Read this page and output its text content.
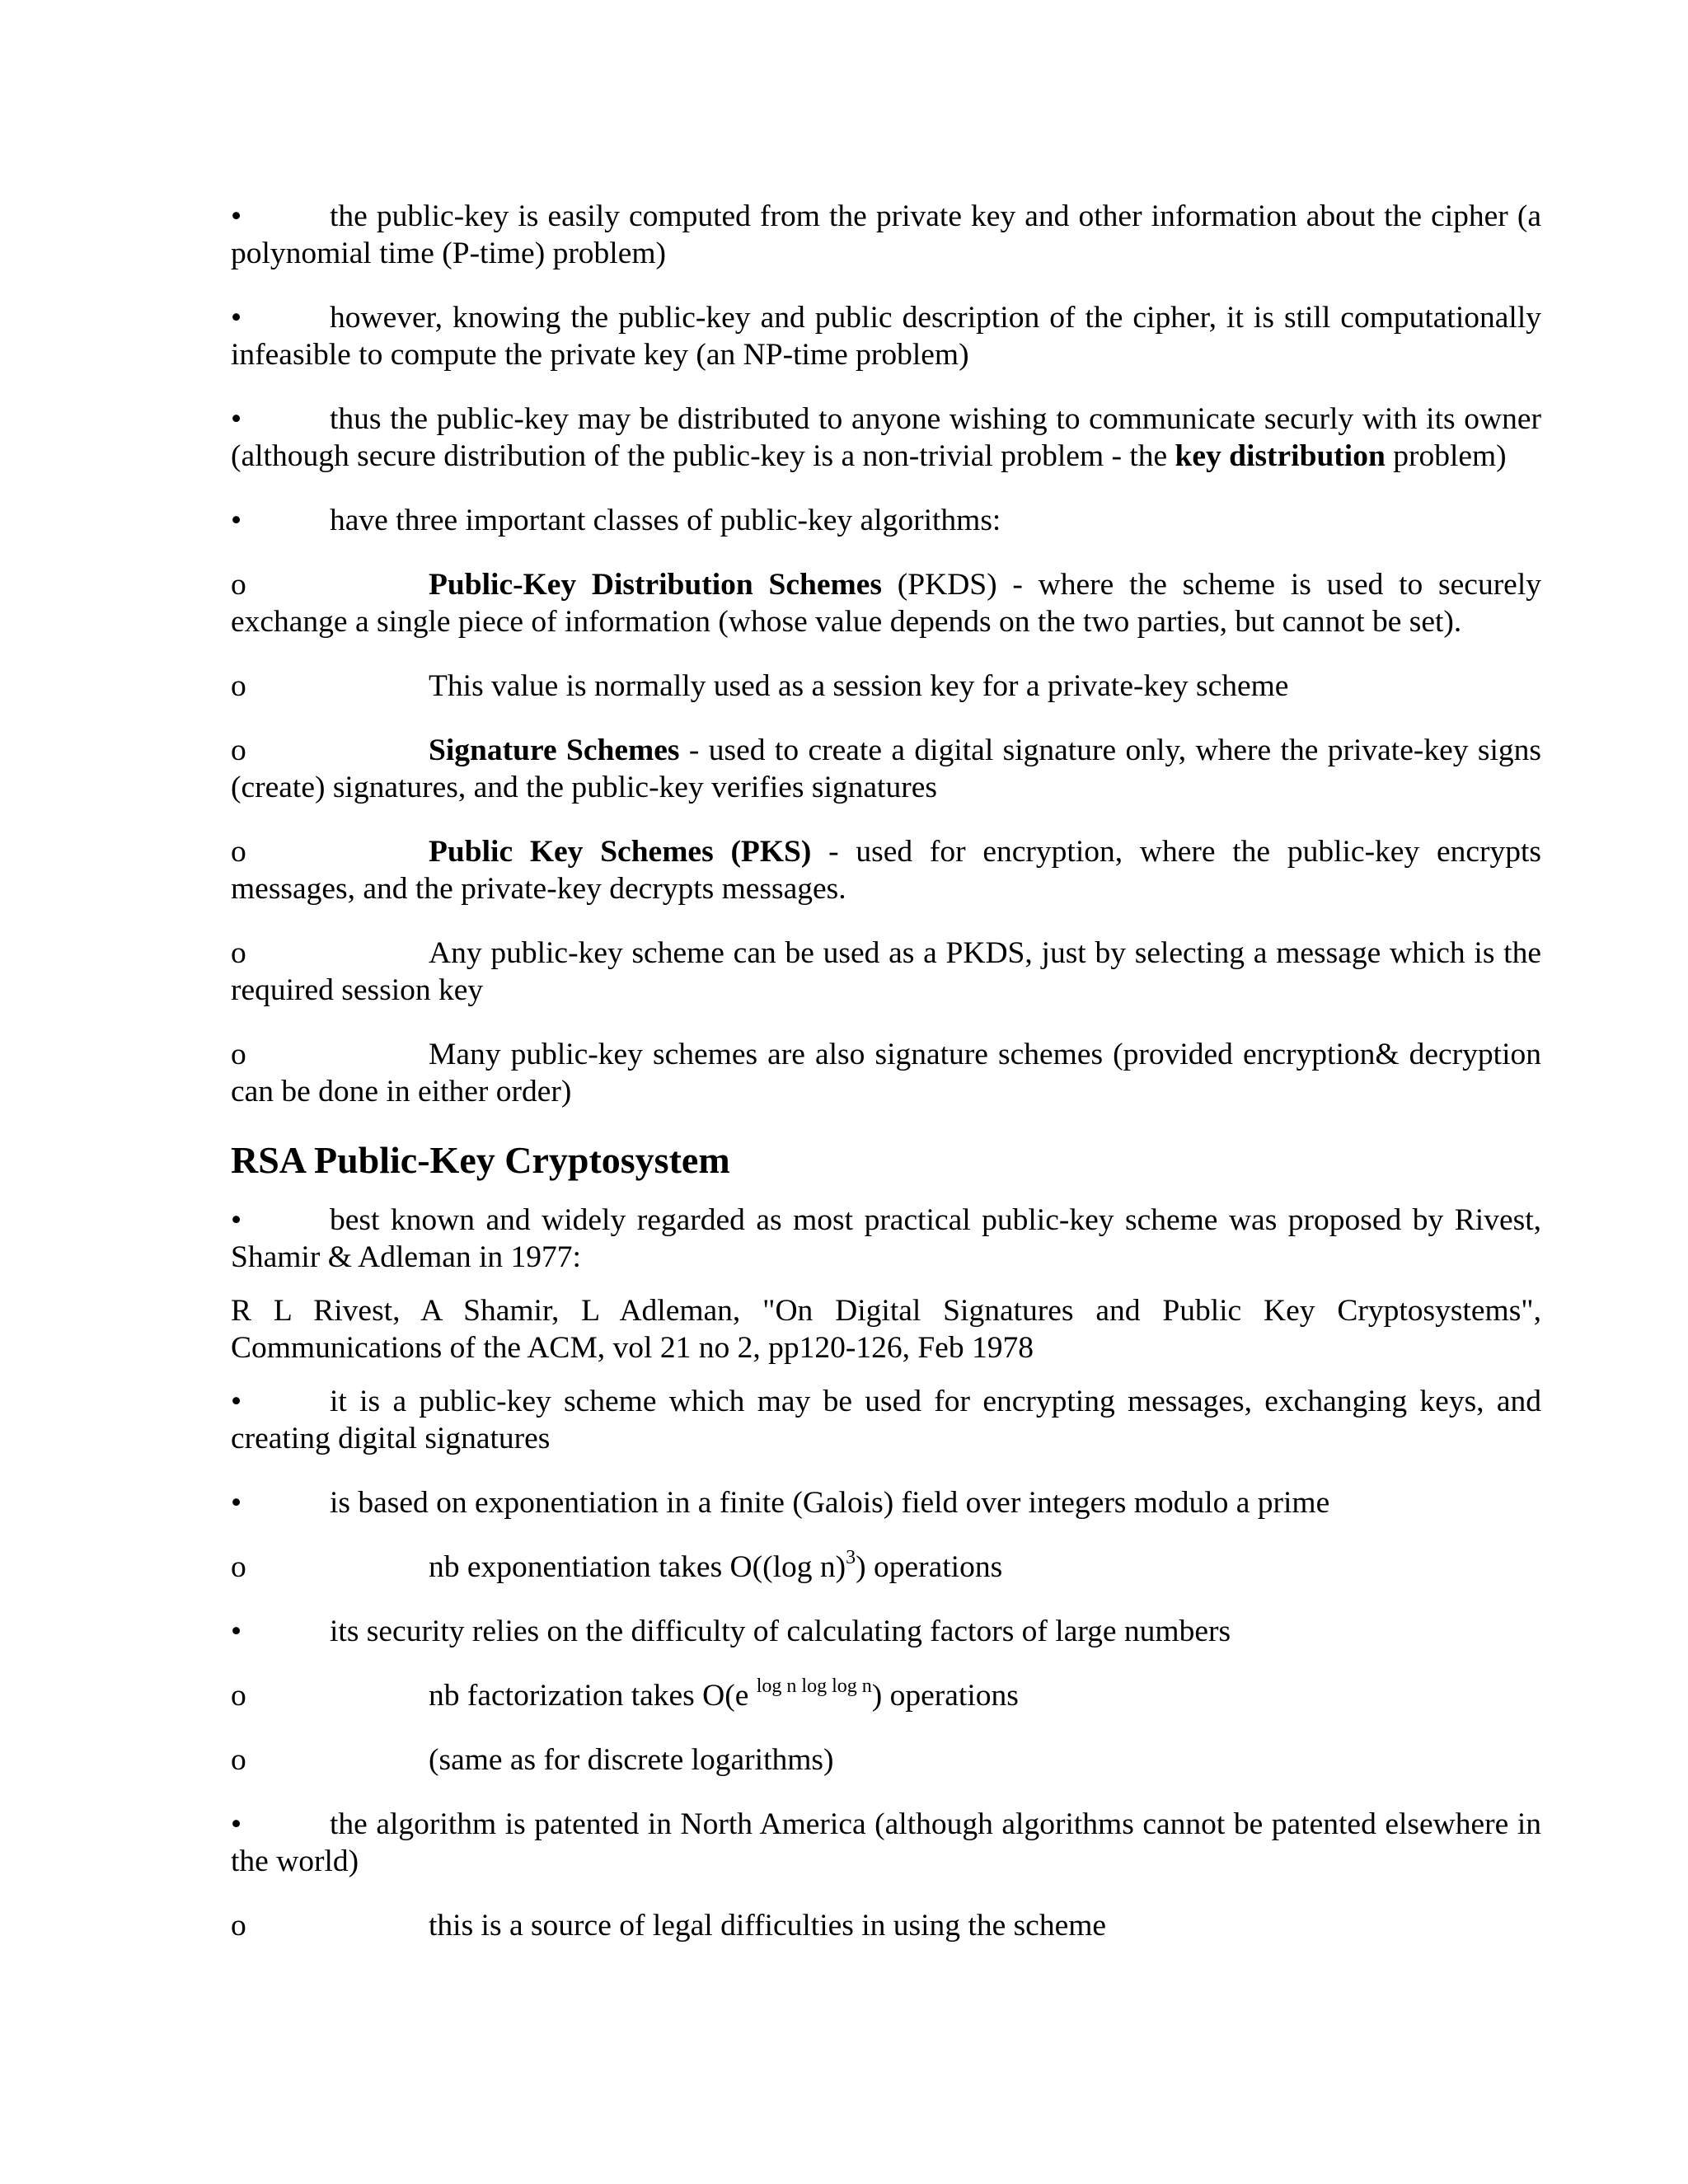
•	the public-key is easily computed from the private key and other information about the cipher (a polynomial time (P-time) problem)

•	however, knowing the public-key and public description of the cipher, it is still computationally infeasible to compute the private key (an NP-time problem)

•	thus the public-key may be distributed to anyone wishing to communicate securly with its owner (although secure distribution of the public-key is a non-trivial problem - the key distribution problem)

•	have three important classes of public-key algorithms:

o	Public-Key Distribution Schemes (PKDS) - where the scheme is used to securely exchange a single piece of information (whose value depends on the two parties, but cannot be set).

o	This value is normally used as a session key for a private-key scheme

o	Signature Schemes - used to create a digital signature only, where the private-key signs (create) signatures, and the public-key verifies signatures

o	Public Key Schemes (PKS) - used for encryption, where the public-key encrypts messages, and the private-key decrypts messages.

o	Any public-key scheme can be used as a PKDS, just by selecting a message which is the required session key

o	Many public-key schemes are also signature schemes (provided encryption& decryption can be done in either order)

RSA Public-Key Cryptosystem

•	best known and widely regarded as most practical public-key scheme was proposed by Rivest, Shamir & Adleman in 1977:

R L Rivest, A Shamir, L Adleman, "On Digital Signatures and Public Key Cryptosystems", Communications of the ACM, vol 21 no 2, pp120-126, Feb 1978

•	it is a public-key scheme which may be used for encrypting messages, exchanging keys, and creating digital signatures

•	is based on exponentiation in a finite (Galois) field over integers modulo a prime

o	nb exponentiation takes O((log n)$^3$) operations

•	its security relies on the difficulty of calculating factors of large numbers

o	nb factorization takes O(e $^{log n log log n}$) operations

o	(same as for discrete logarithms)

•	the algorithm is patented in North America (although algorithms cannot be patented elsewhere in the world)

o	this is a source of legal difficulties in using the scheme
